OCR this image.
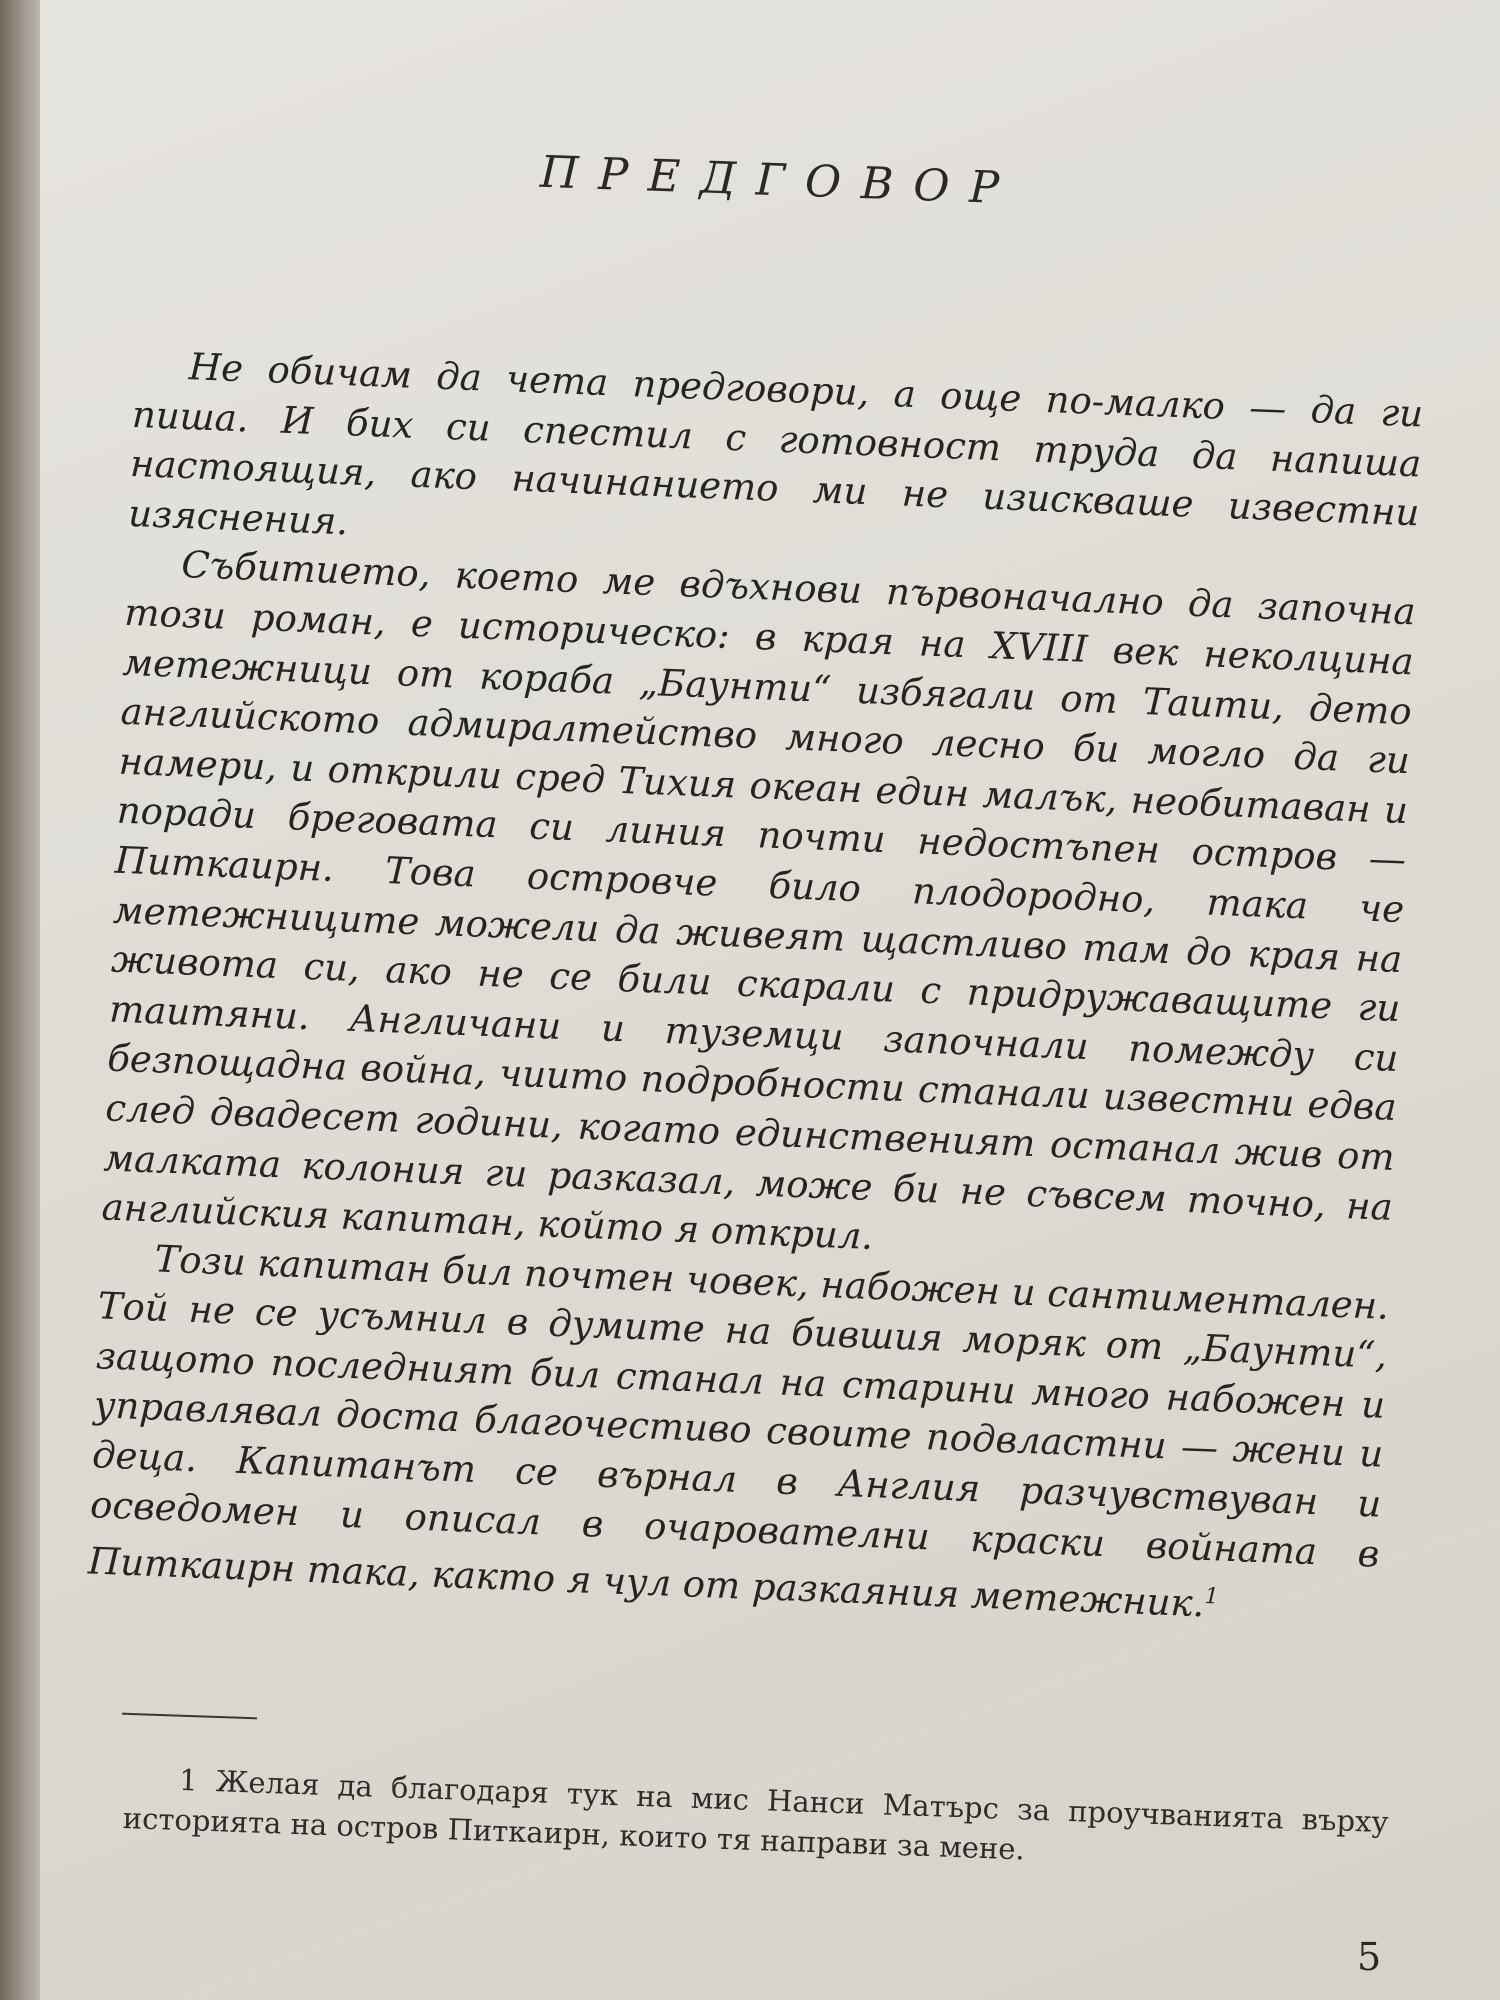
ПРЕДГОВОР

Не обичам да чета предговори, а още по-малко — да ги пиша. И бих си спестил с готовност труда да напиша настоящия, ако начинанието ми не изискваше известни изяснения.

Събитието, което ме вдъхнови първоначално да започна този роман, е историческо: в края на XVIII век неколцина метежници от кораба „Баунти“ избягали от Таити, дето английското адмиралтейство много лесно би могло да ги намери, и открили сред Тихия океан един малък, необитаван и поради бреговата си линия почти недостъпен остров — Питкаирн. Това островче било плодородно, така че метежниците можели да живеят щастливо там до края на живота си, ако не се били скарали с придружаващите ги таитяни. Англичани и туземци започнали помежду си безпощадна война, чиито подробности станали известни едва след двадесет години, когато единственият останал жив от малката колония ги разказал, може би не съвсем точно, на английския капитан, който я открил.

Този капитан бил почтен човек, набожен и сантиментален. Той не се усъмнил в думите на бившия моряк от „Баунти“, защото последният бил станал на старини много набожен и управлявал доста благочестиво своите подвластни — жени и деца. Капитанът се върнал в Англия разчувствуван и осведомен и описал в очарователни краски войната в Питкаирн така, както я чул от разкаяния метежник.$^1$

1 Желая да благодаря тук на мис Нанси Матърс за проучванията върху историята на остров Питкаирн, които тя направи за мене.

5
